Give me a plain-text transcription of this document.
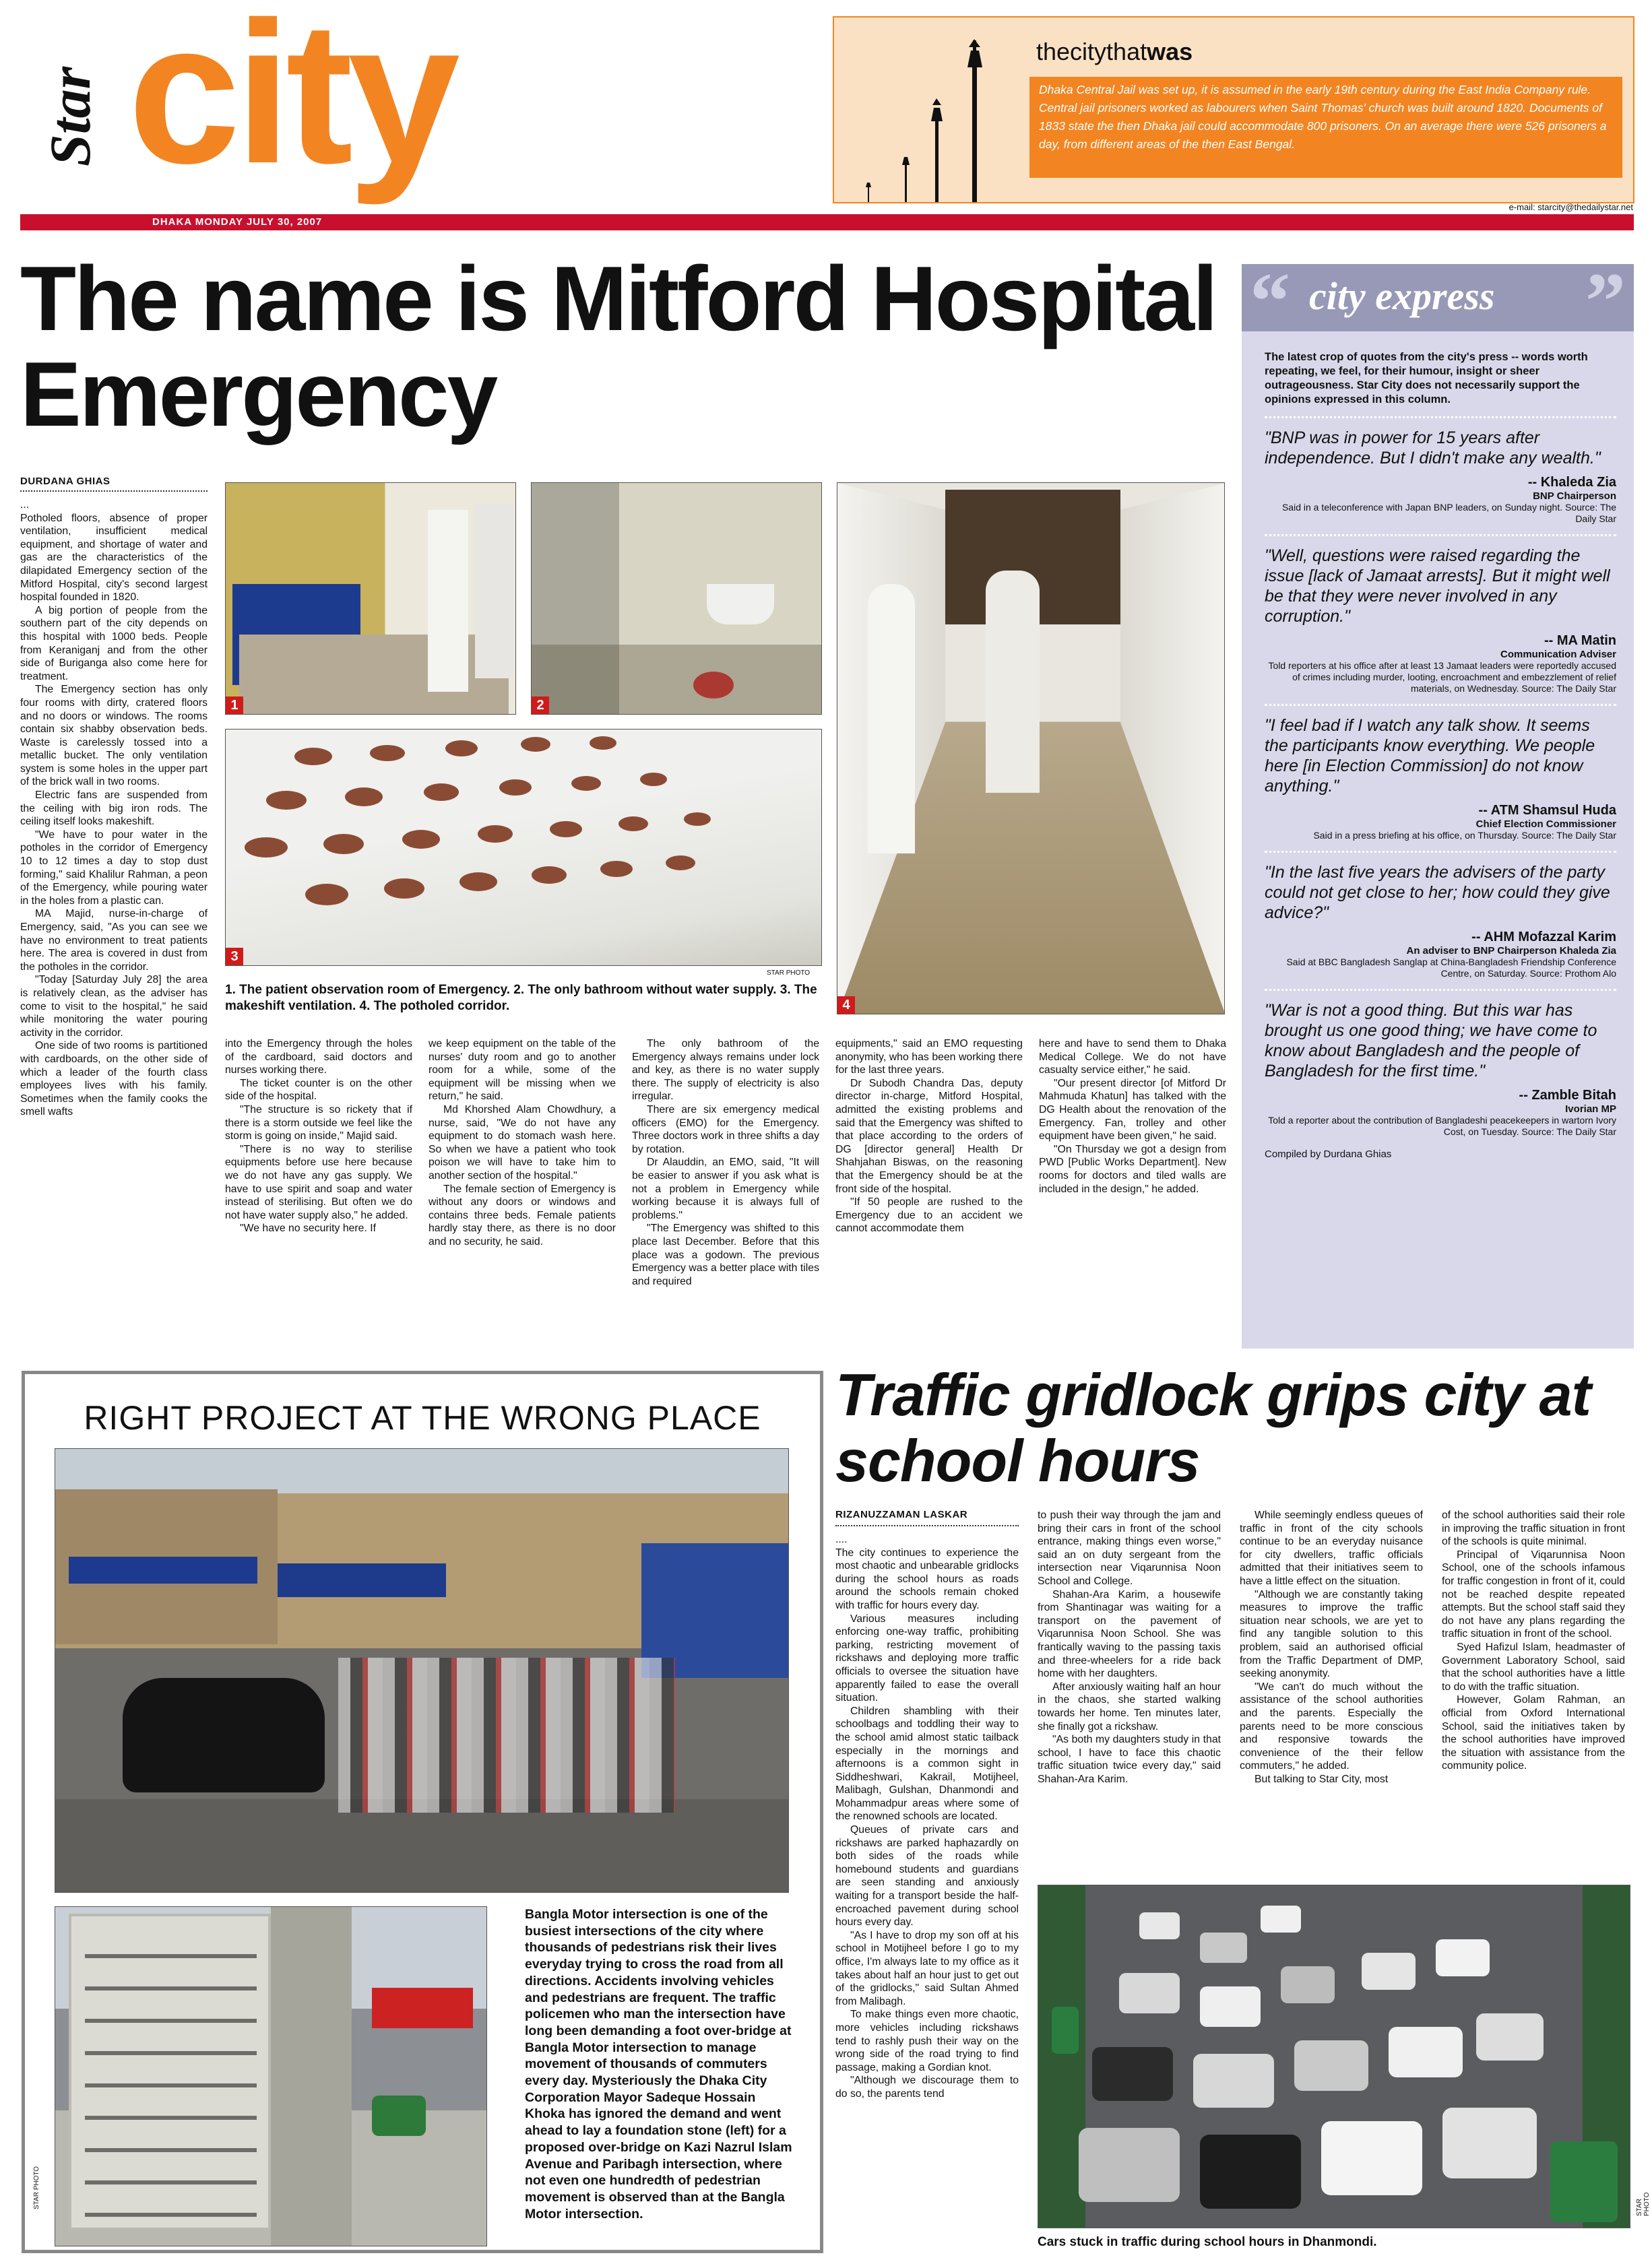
Star city
DHAKA MONDAY JULY 30, 2007
thecitythatwas
Dhaka Central Jail was set up, it is assumed in the early 19th century during the East India Company rule. Central jail prisoners worked as labourers when Saint Thomas' church was built around 1820. Documents of 1833 state the then Dhaka jail could accommodate 800 prisoners. On an average there were 526 prisoners a day, from different areas of the then East Bengal.
e-mail: starcity@thedailystar.net
The name is Mitford Hospital Emergency
DURDANA GHIAS

...

Potholed floors, absence of proper ventilation, insufficient medical equipment, and shortage of water and gas are the characteristics of the dilapidated Emergency section of the Mitford Hospital, city's second largest hospital founded in 1820.

A big portion of people from the southern part of the city depends on this hospital with 1000 beds. People from Keraniganj and from the other side of Buriganga also come here for treatment.

The Emergency section has only four rooms with dirty, cratered floors and no doors or windows. The rooms contain six shabby observation beds. Waste is carelessly tossed into a metallic bucket. The only ventilation system is some holes in the upper part of the brick wall in two rooms.

Electric fans are suspended from the ceiling with big iron rods. The ceiling itself looks makeshift.

"We have to pour water in the potholes in the corridor of Emergency 10 to 12 times a day to stop dust forming," said Khalilur Rahman, a peon of the Emergency, while pouring water in the holes from a plastic can.

MA Majid, nurse-in-charge of Emergency, said, "As you can see we have no environment to treat patients here. The area is covered in dust from the potholes in the corridor.

"Today [Saturday July 28] the area is relatively clean, as the adviser has come to visit to the hospital," he said while monitoring the water pouring activity in the corridor.

One side of two rooms is partitioned with cardboards, on the other side of which a leader of the fourth class employees lives with his family. Sometimes when the family cooks the smell wafts

1	2
3
STAR PHOTO
1. The patient observation room of Emergency. 2. The only bathroom without water supply. 3. The makeshift ventilation. 4. The potholed corridor.	4

into the Emergency through the holes of the cardboard, said doctors and nurses working there.

The ticket counter is on the other side of the hospital.

"The structure is so rickety that if there is a storm outside we feel like the storm is going on inside," Majid said.

"There is no way to sterilise equipments before use here because we do not have any gas supply. We have to use spirit and soap and water instead of sterilising. But often we do not have water supply also," he added.

"We have no security here. If

we keep equipment on the table of the nurses' duty room and go to another room for a while, some of the equipment will be missing when we return," he said.

Md Khorshed Alam Chowdhury, a nurse, said, "We do not have any equipment to do stomach wash here. So when we have a patient who took poison we will have to take him to another section of the hospital."

The female section of Emergency is without any doors or windows and contains three beds. Female patients hardly stay there, as there is no door and no security, he said.

The only bathroom of the Emergency always remains under lock and key, as there is no water supply there. The supply of electricity is also irregular.

There are six emergency medical officers (EMO) for the Emergency. Three doctors work in three shifts a day by rotation.

Dr Alauddin, an EMO, said, "It will be easier to answer if you ask what is not a problem in Emergency while working because it is always full of problems."

"The Emergency was shifted to this place last December. Before that this place was a godown. The previous Emergency was a better place with tiles and required

equipments," said an EMO requesting anonymity, who has been working there for the last three years.

Dr Subodh Chandra Das, deputy director in-charge, Mitford Hospital, admitted the existing problems and said that the Emergency was shifted to that place according to the orders of DG [director general] Health Dr Shahjahan Biswas, on the reasoning that the Emergency should be at the front side of the hospital.

"If 50 people are rushed to the Emergency due to an accident we cannot accommodate them

here and have to send them to Dhaka Medical College. We do not have casualty service either," he said.

"Our present director [of Mitford Dr Mahmuda Khatun] has talked with the DG Health about the renovation of the Emergency. Fan, trolley and other equipment have been given," he said.

"On Thursday we got a design from PWD [Public Works Department]. New rooms for doctors and tiled walls are included in the design," he added.

“ city express ”
The latest crop of quotes from the city's press -- words worth repeating, we feel, for their humour, insight or sheer outrageousness. Star City does not necessarily support the opinions expressed in this column.
"BNP was in power for 15 years after independence. But I didn't make any wealth."
-- Khaleda Zia
BNP Chairperson
Said in a teleconference with Japan BNP leaders, on Sunday night. Source: The Daily Star
"Well, questions were raised regarding the issue [lack of Jamaat arrests]. But it might well be that they were never involved in any corruption."
-- MA Matin
Communication Adviser
Told reporters at his office after at least 13 Jamaat leaders were reportedly accused of crimes including murder, looting, encroachment and embezzlement of relief materials, on Wednesday. Source: The Daily Star
"I feel bad if I watch any talk show. It seems the participants know everything. We people here [in Election Commission] do not know anything."
-- ATM Shamsul Huda
Chief Election Commissioner
Said in a press briefing at his office, on Thursday. Source: The Daily Star
"In the last five years the advisers of the party could not get close to her; how could they give advice?"
-- AHM Mofazzal Karim
An adviser to BNP Chairperson Khaleda Zia
Said at BBC Bangladesh Sanglap at China-Bangladesh Friendship Conference Centre, on Saturday. Source: Prothom Alo
"War is not a good thing. But this war has brought us one good thing; we have come to know about Bangladesh and the people of Bangladesh for the first time."
-- Zamble Bitah
Ivorian MP
Told a reporter about the contribution of Bangladeshi peacekeepers in wartorn Ivory Cost, on Tuesday. Source: The Daily Star
Compiled by Durdana Ghias
RIGHT PROJECT AT THE WRONG PLACE
STAR PHOTO
Bangla Motor intersection is one of the busiest intersections of the city where thousands of pedestrians risk their lives everyday trying to cross the road from all directions. Accidents involving vehicles and pedestrians are frequent. The traffic policemen who man the intersection have long been demanding a foot over-bridge at Bangla Motor intersection to manage movement of thousands of commuters every day. Mysteriously the Dhaka City Corporation Mayor Sadeque Hossain Khoka has ignored the demand and went ahead to lay a foundation stone (left) for a proposed over-bridge on Kazi Nazrul Islam Avenue and Paribagh intersection, where not even one hundredth of pedestrian movement is observed than at the Bangla Motor intersection.
Traffic gridlock grips city at school hours
RIZANUZZAMAN LASKAR

....

The city continues to experience the most chaotic and unbearable gridlocks during the school hours as roads around the schools remain choked with traffic for hours every day.

Various measures including enforcing one-way traffic, prohibiting parking, restricting movement of rickshaws and deploying more traffic officials to oversee the situation have apparently failed to ease the overall situation.

Children shambling with their schoolbags and toddling their way to the school amid almost static tailback especially in the mornings and afternoons is a common sight in Siddheshwari, Kakrail, Motijheel, Malibagh, Gulshan, Dhanmondi and Mohammadpur areas where some of the renowned schools are located.

Queues of private cars and rickshaws are parked haphazardly on both sides of the roads while homebound students and guardians are seen standing and anxiously waiting for a transport beside the half-encroached pavement during school hours every day.

"As I have to drop my son off at his school in Motijheel before I go to my office, I'm always late to my office as it takes about half an hour just to get out of the gridlocks," said Sultan Ahmed from Malibagh.

To make things even more chaotic, more vehicles including rickshaws tend to rashly push their way on the wrong side of the road trying to find passage, making a Gordian knot.

"Although we discourage them to do so, the parents tend

to push their way through the jam and bring their cars in front of the school entrance, making things even worse," said an on duty sergeant from the intersection near Viqarunnisa Noon School and College.

Shahan-Ara Karim, a housewife from Shantinagar was waiting for a transport on the pavement of Viqarunnisa Noon School. She was frantically waving to the passing taxis and three-wheelers for a ride back home with her daughters.

After anxiously waiting half an hour in the chaos, she started walking towards her home. Ten minutes later, she finally got a rickshaw.

"As both my daughters study in that school, I have to face this chaotic traffic situation twice every day," said Shahan-Ara Karim.

While seemingly endless queues of traffic in front of the city schools continue to be an everyday nuisance for city dwellers, traffic officials admitted that their initiatives seem to have a little effect on the situation.

"Although we are constantly taking measures to improve the traffic situation near schools, we are yet to find any tangible solution to this problem, said an authorised official from the Traffic Department of DMP, seeking anonymity.

"We can't do much without the assistance of the school authorities and the parents. Especially the parents need to be more conscious and responsive towards the convenience of the their fellow commuters," he added.

But talking to Star City, most

of the school authorities said their role in improving the traffic situation in front of the schools is quite minimal.

Principal of Viqarunnisa Noon School, one of the schools infamous for traffic congestion in front of it, could not be reached despite repeated attempts. But the school staff said they do not have any plans regarding the traffic situation in front of the school.

Syed Hafizul Islam, headmaster of Government Laboratory School, said that the school authorities have a little to do with the traffic situation.

However, Golam Rahman, an official from Oxford International School, said the initiatives taken by the school authorities have improved the situation with assistance from the community police.

STAR PHOTO
Cars stuck in traffic during school hours in Dhanmondi.
